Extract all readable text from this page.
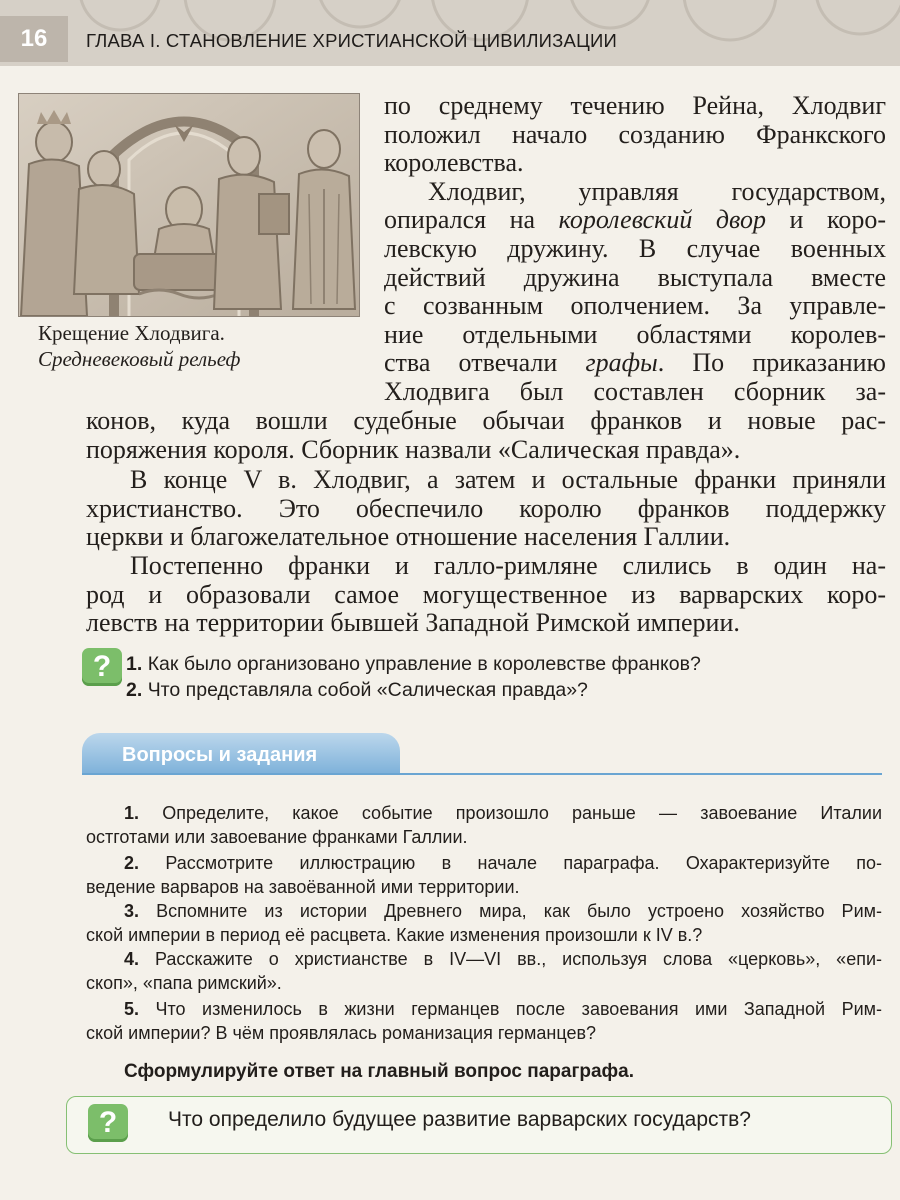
16	ГЛАВА I. СТАНОВЛЕНИЕ ХРИСТИАНСКОЙ ЦИВИЛИЗАЦИИ
Крещение Хлодвига.
Средневековый рельеф

по среднему течению Рейна, Хлодвиг

положил начало созданию Франкского

королевства.

Хлодвиг, управляя государством,

опирался на королевский двор и коро-

левскую дружину. В случае военных

действий дружина выступала вместе

с созванным ополчением. За управле-

ние отдельными областями королев-

ства отвечали графы. По приказанию

Хлодвига был составлен сборник за-

конов, куда вошли судебные обычаи франков и новые рас-

поряжения короля. Сборник назвали «Салическая правда».

В конце V в. Хлодвиг, а затем и остальные франки приняли

христианство. Это обеспечило королю франков поддержку

церкви и благожелательное отношение населения Галлии.

Постепенно франки и галло-римляне слились в один на-

род и образовали самое могущественное из варварских коро-

левств на территории бывшей Западной Римской империи.

? 1. Как было организовано управление в королевстве франков?
2. Что представляла собой «Салическая правда»?
Вопросы и задания
1. Определите, какое событие произошло раньше — завоевание Италии
остготами или завоевание франками Галлии.
2. Рассмотрите иллюстрацию в начале параграфа. Охарактеризуйте по-
ведение варваров на завоёванной ими территории.
3. Вспомните из истории Древнего мира, как было устроено хозяйство Рим-
ской империи в период её расцвета. Какие изменения произошли к IV в.?
4. Расскажите о христианстве в IV—VI вв., используя слова «церковь», «епи-
скоп», «папа римский».
5. Что изменилось в жизни германцев после завоевания ими Западной Рим-
ской империи? В чём проявлялась романизация германцев?
Сформулируйте ответ на главный вопрос параграфа.
?	Что определило будущее развитие варварских государств?
